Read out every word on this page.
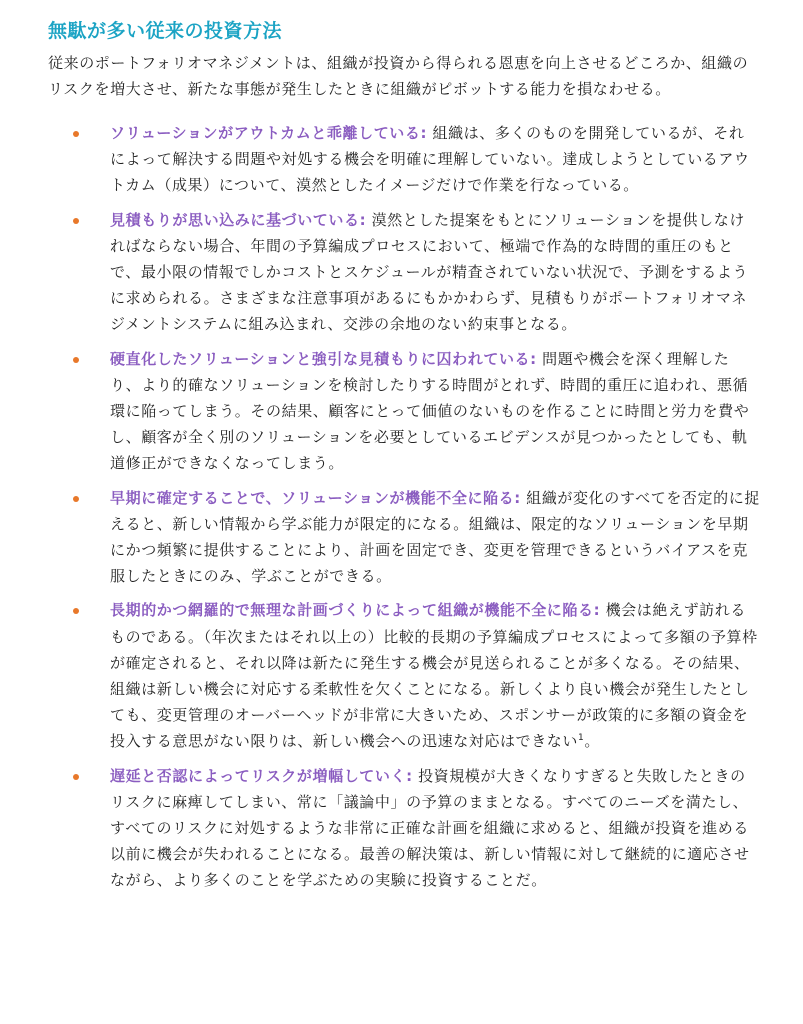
無駄が多い従来の投資方法

従来のポートフォリオマネジメントは、組織が投資から得られる恩恵を向上させるどころか、組織のリスクを増大させ、新たな事態が発生したときに組織がピボットする能力を損なわせる。

ソリューションがアウトカムと乖離している: 組織は、多くのものを開発しているが、それによって解決する問題や対処する機会を明確に理解していない。達成しようとしているアウトカム（成果）について、漠然としたイメージだけで作業を行なっている。
見積もりが思い込みに基づいている: 漠然とした提案をもとにソリューションを提供しなければならない場合、年間の予算編成プロセスにおいて、極端で作為的な時間的重圧のもとで、最小限の情報でしかコストとスケジュールが精査されていない状況で、予測をするように求められる。さまざまな注意事項があるにもかかわらず、見積もりがポートフォリオマネジメントシステムに組み込まれ、交渉の余地のない約束事となる。
硬直化したソリューションと強引な見積もりに囚われている: 問題や機会を深く理解したり、より的確なソリューションを検討したりする時間がとれず、時間的重圧に追われ、悪循環に陥ってしまう。その結果、顧客にとって価値のないものを作ることに時間と労力を費やし、顧客が全く別のソリューションを必要としているエビデンスが見つかったとしても、軌道修正ができなくなってしまう。
早期に確定することで、ソリューションが機能不全に陥る: 組織が変化のすべてを否定的に捉えると、新しい情報から学ぶ能力が限定的になる。組織は、限定的なソリューションを早期にかつ頻繁に提供することにより、計画を固定でき、変更を管理できるというバイアスを克服したときにのみ、学ぶことができる。
長期的かつ網羅的で無理な計画づくりによって組織が機能不全に陥る: 機会は絶えず訪れるものである。（年次またはそれ以上の）比較的長期の予算編成プロセスによって多額の予算枠が確定されると、それ以降は新たに発生する機会が見送られることが多くなる。その結果、組織は新しい機会に対応する柔軟性を欠くことになる。新しくより良い機会が発生したとしても、変更管理のオーバーヘッドが非常に大きいため、スポンサーが政策的に多額の資金を投入する意思がない限りは、新しい機会への迅速な対応はできない$^1$。
遅延と否認によってリスクが増幅していく: 投資規模が大きくなりすぎると失敗したときのリスクに麻痺してしまい、常に「議論中」の予算のままとなる。すべてのニーズを満たし、すべてのリスクに対処するような非常に正確な計画を組織に求めると、組織が投資を進める以前に機会が失われることになる。最善の解決策は、新しい情報に対して継続的に適応させながら、より多くのことを学ぶための実験に投資することだ。
